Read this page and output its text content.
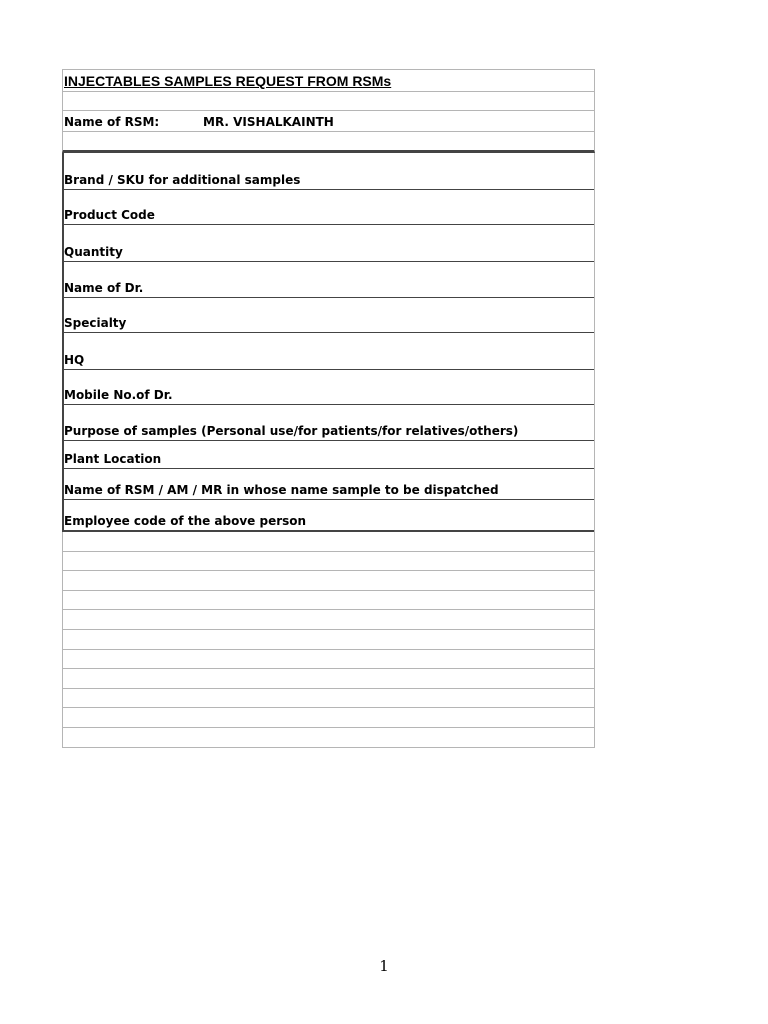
INJECTABLES SAMPLES REQUEST FROM RSMs
Name of RSM:	MR. VISHALKAINTH
Brand / SKU for additional samples
Product Code
Quantity
Name of Dr.
Specialty
HQ
Mobile No.of Dr.
Purpose of samples (Personal use/for patients/for relatives/others)
Plant Location
Name of RSM / AM / MR in whose name sample to be dispatched
Employee code of the above person
1
